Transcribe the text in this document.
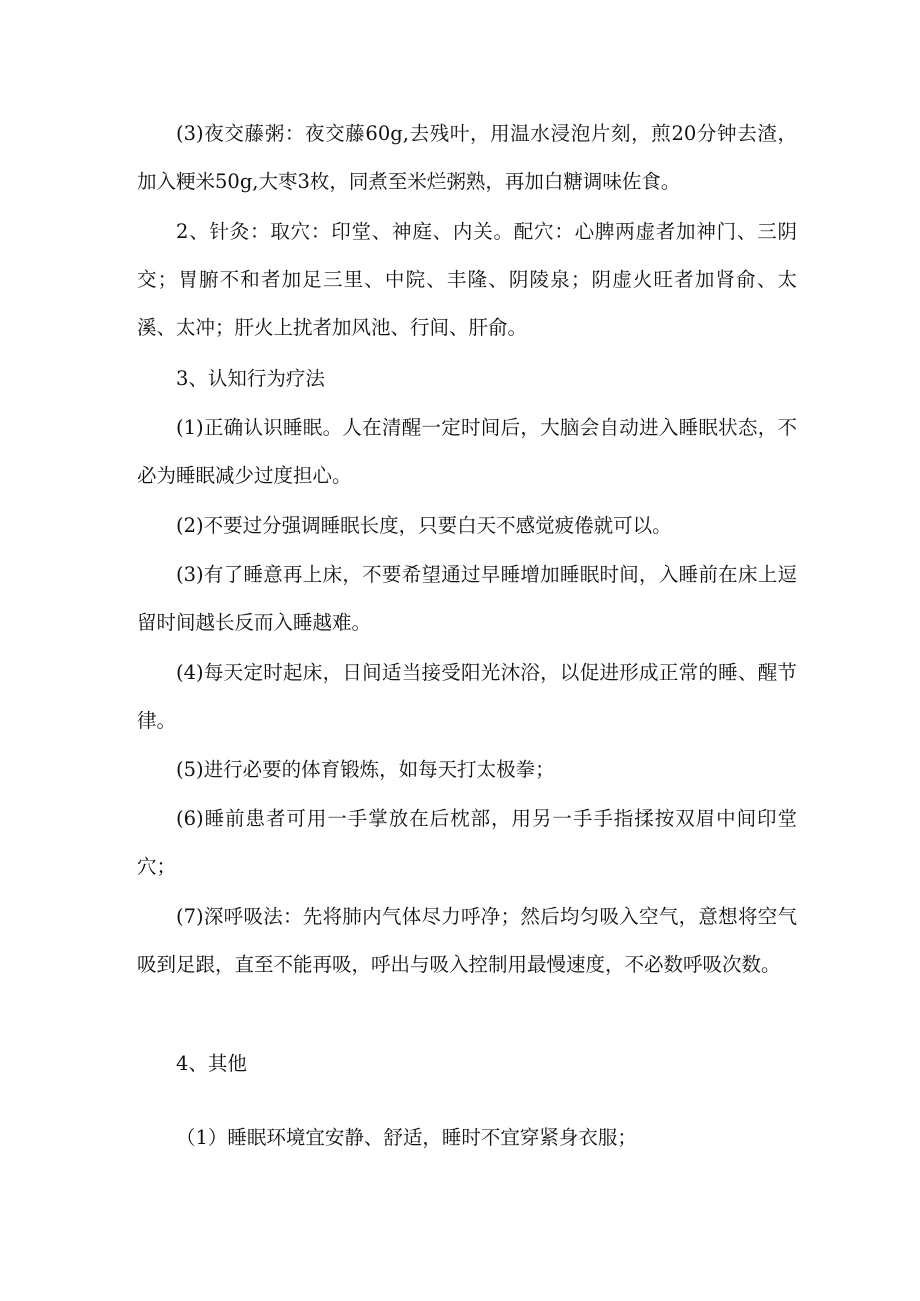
(3)夜交藤粥：夜交藤60g,去残叶，用温水浸泡片刻，煎20分钟去渣，加入粳米50g,大枣3枚，同煮至米烂粥熟，再加白糖调味佐食。

2、针灸：取穴：印堂、神庭、内关。配穴：心脾两虚者加神门、三阴交；胃腑不和者加足三里、中院、丰隆、阴陵泉；阴虚火旺者加肾俞、太溪、太冲；肝火上扰者加风池、行间、肝俞。

3、认知行为疗法

(1)正确认识睡眠。人在清醒一定时间后，大脑会自动进入睡眠状态，不必为睡眠减少过度担心。

(2)不要过分强调睡眠长度，只要白天不感觉疲倦就可以。

(3)有了睡意再上床，不要希望通过早睡增加睡眠时间，入睡前在床上逗留时间越长反而入睡越难。

(4)每天定时起床，日间适当接受阳光沐浴，以促进形成正常的睡、醒节律。

(5)进行必要的体育锻炼，如每天打太极拳；

(6)睡前患者可用一手掌放在后枕部，用另一手手指揉按双眉中间印堂穴；

(7)深呼吸法：先将肺内气体尽力呼净；然后均匀吸入空气，意想将空气吸到足跟，直至不能再吸，呼出与吸入控制用最慢速度，不必数呼吸次数。

4、其他

（1）睡眠环境宜安静、舒适，睡时不宜穿紧身衣服；
